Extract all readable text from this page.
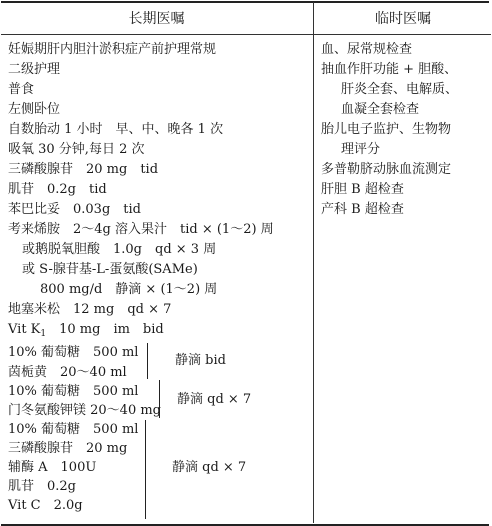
长期医嘱	临时医嘱
妊娠期肝内胆汁淤积症产前护理常规
二级护理
普食
左侧卧位
自数胎动 1 小时　早、中、晚各 1 次
吸氧 30 分钟,每日 2 次
三磷酸腺苷　20 mg　tid
肌苷　0.2g　tid
苯巴比妥　0.03g　tid
考来烯胺　2～4g 溶入果汁　tid × (1～2) 周
或鹅脱氧胆酸　1.0g　qd × 3 周
或 S-腺苷基-L-蛋氨酸(SAMe)
800 mg/d　静滴 × (1～2) 周
地塞米松　12 mg　qd × 7
Vit $K_1$　10 mg　im　bid
10% 葡萄糖　500 ml
茵栀黄　20～40 ml
静滴 bid
10% 葡萄糖　500 ml
门冬氨酸钾镁 20～40 mg
静滴 qd × 7
10% 葡萄糖　500 ml
三磷酸腺苷　20 mg
辅酶 A　100U
肌苷　0.2g
Vit C　2.0g
静滴 qd × 7
血、尿常规检查
抽血作肝功能 + 胆酸、
肝炎全套、电解质、
血凝全套检查
胎儿电子监护、生物物
理评分
多普勒脐动脉血流测定
肝胆 B 超检查
产科 B 超检查
